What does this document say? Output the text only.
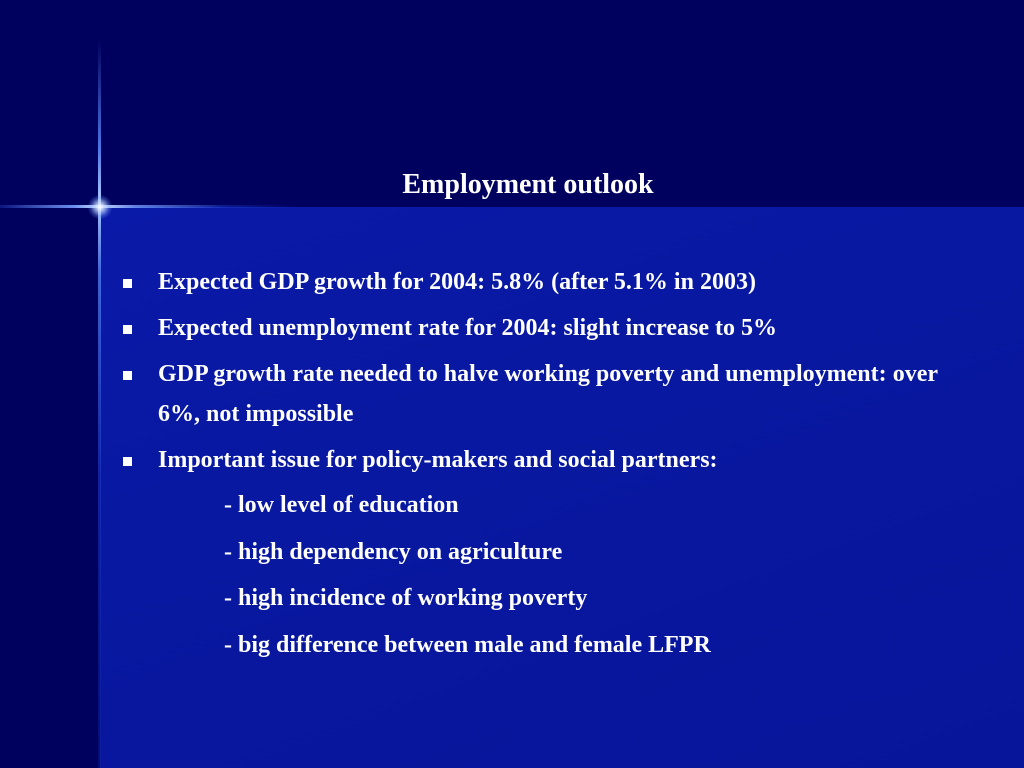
Employment outlook
Expected GDP growth for 2004: 5.8% (after 5.1% in 2003)
Expected unemployment rate for 2004: slight increase to 5%
GDP growth rate needed to halve working poverty and unemployment: over 6%, not impossible
Important issue for policy-makers and social partners:
- low level of education
- high dependency on agriculture
- high incidence of working poverty
- big difference between male and female LFPR
